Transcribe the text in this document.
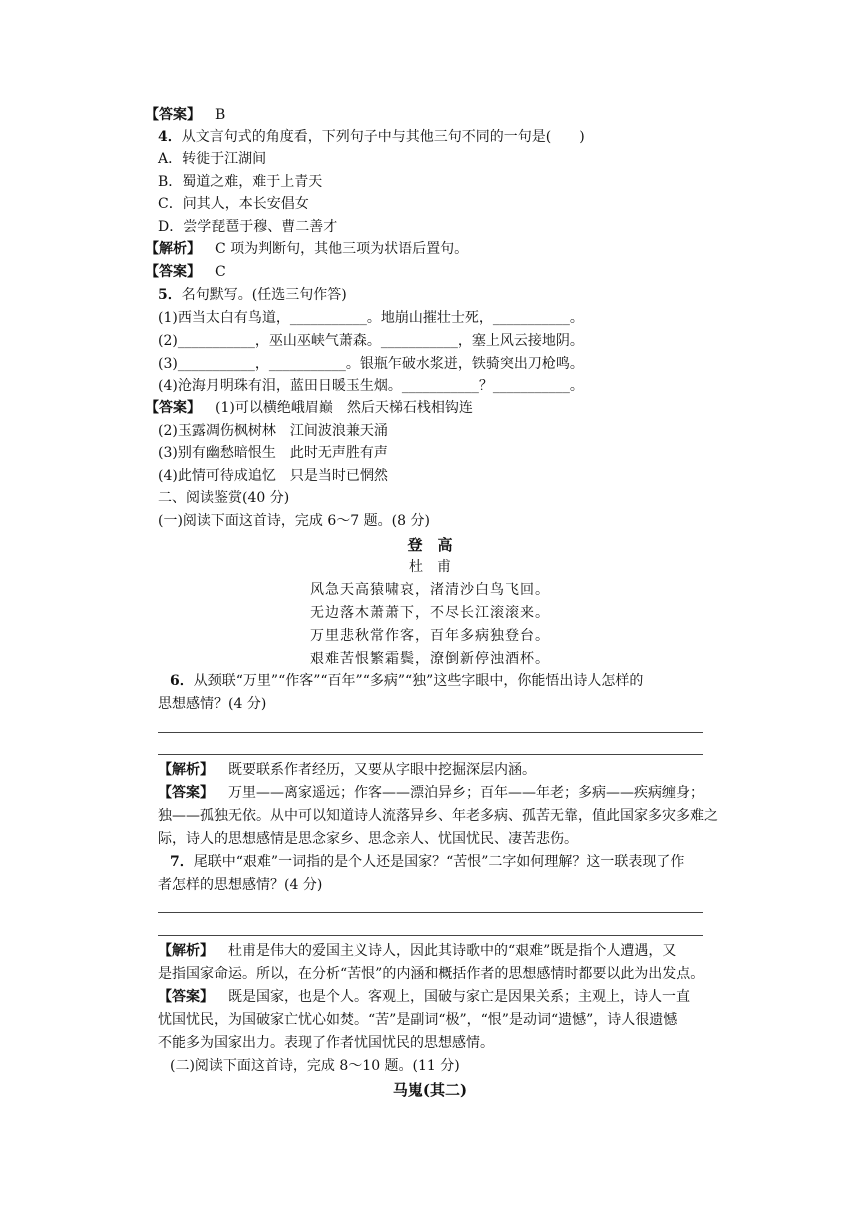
【答案】 B
4．从文言句式的角度看，下列句子中与其他三句不同的一句是(　　)
A．转徙于江湖间
B．蜀道之难，难于上青天
C．问其人，本长安倡女
D．尝学琵琶于穆、曹二善才
【解析】 C 项为判断句，其他三项为状语后置句。
【答案】 C
5．名句默写。(任选三句作答)
(1)西当太白有鸟道，___________。地崩山摧壮士死，___________。
(2)___________，巫山巫峡气萧森。___________，塞上风云接地阴。
(3)___________，___________。银瓶乍破水浆迸，铁骑突出刀枪鸣。
(4)沧海月明珠有泪，蓝田日暖玉生烟。___________？___________。
【答案】 (1)可以横绝峨眉巅　然后天梯石栈相钩连
(2)玉露凋伤枫树林　江间波浪兼天涌
(3)别有幽愁暗恨生　此时无声胜有声
(4)此情可待成追忆　只是当时已惘然
二、阅读鉴赏(40 分)
(一)阅读下面这首诗，完成 6～7 题。(8 分)
登　高
杜　甫
风急天高猿啸哀，渚清沙白鸟飞回。
无边落木萧萧下，不尽长江滚滚来。
万里悲秋常作客，百年多病独登台。
艰难苦恨繁霜鬓，潦倒新停浊酒杯。
6．从颈联“万里”“作客”“百年”“多病”“独”这些字眼中，你能悟出诗人怎样的
思想感情？(4 分)
【解析】 既要联系作者经历，又要从字眼中挖掘深层内涵。
【答案】 万里——离家遥远；作客——漂泊异乡；百年——年老；多病——疾病缠身；
独——孤独无依。从中可以知道诗人流落异乡、年老多病、孤苦无靠，值此国家多灾多难之
际，诗人的思想感情是思念家乡、思念亲人、忧国忧民、凄苦悲伤。
7．尾联中“艰难”一词指的是个人还是国家？“苦恨”二字如何理解？这一联表现了作
者怎样的思想感情？(4 分)
【解析】 杜甫是伟大的爱国主义诗人，因此其诗歌中的“艰难”既是指个人遭遇，又
是指国家命运。所以，在分析“苦恨”的内涵和概括作者的思想感情时都要以此为出发点。
【答案】 既是国家，也是个人。客观上，国破与家亡是因果关系；主观上，诗人一直
忧国忧民，为国破家亡忧心如焚。“苦”是副词“极”，“恨”是动词“遗憾”，诗人很遗憾
不能多为国家出力。表现了作者忧国忧民的思想感情。
(二)阅读下面这首诗，完成 8～10 题。(11 分)
马嵬(其二)
